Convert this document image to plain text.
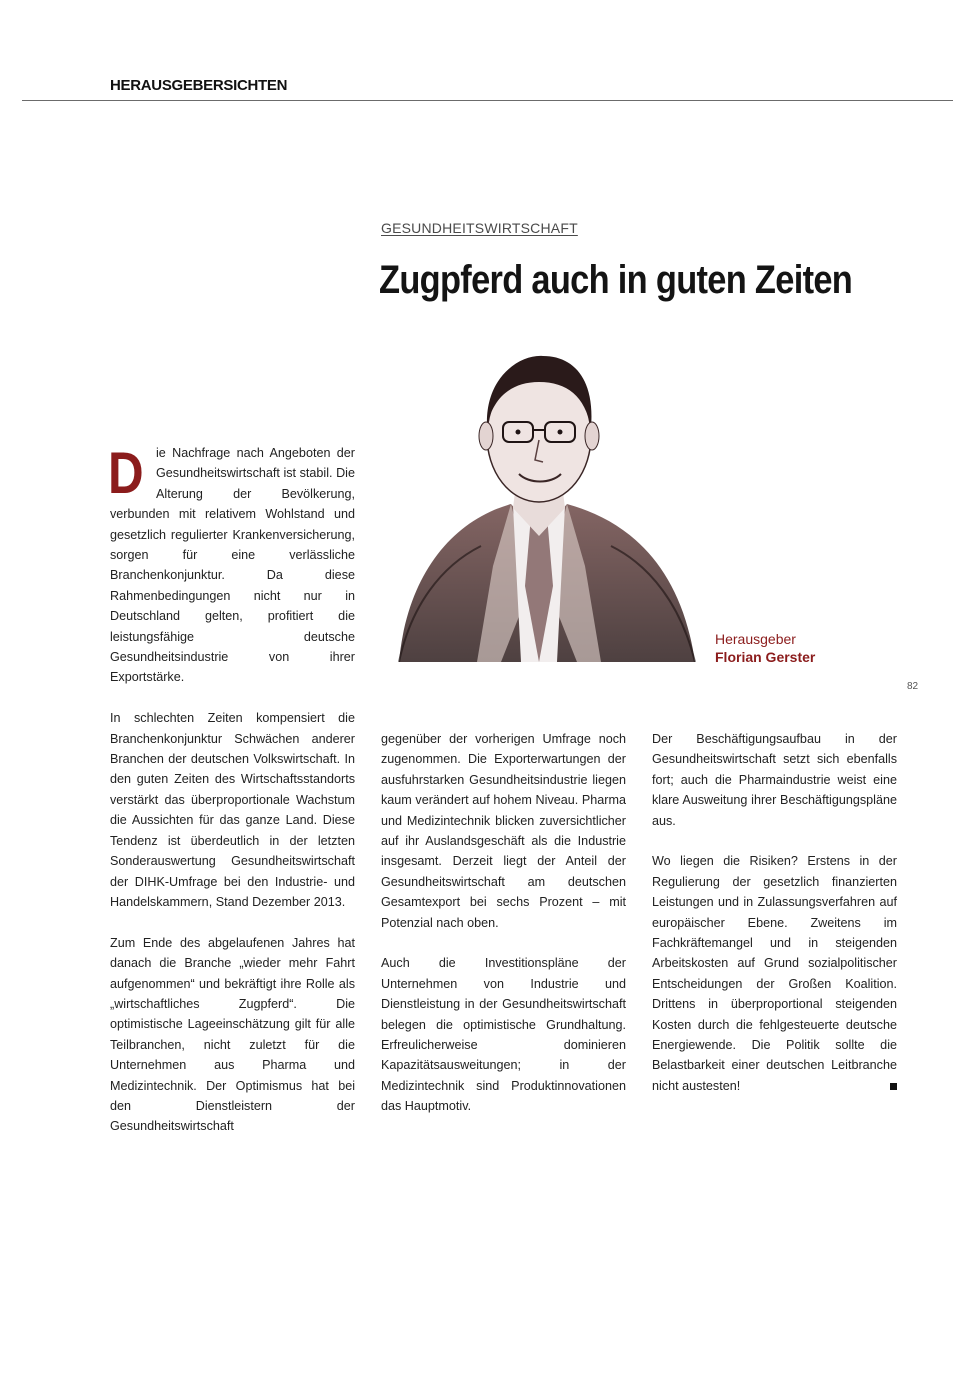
HERAUSGEBERSICHTEN
GESUNDHEITSWIRTSCHAFT
Zugpferd auch in guten Zeiten
Herausgeber
Florian Gerster
82

Die Nachfrage nach Angeboten der Gesundheitswirtschaft ist stabil. Die Alterung der Bevölkerung, verbunden mit relativem Wohlstand und gesetzlich regulierter Krankenversicherung, sorgen für eine verlässliche Branchenkonjunktur. Da diese Rahmenbedingungen nicht nur in Deutschland gelten, profitiert die leistungsfähige deutsche Gesundheitsindustrie von ihrer Exportstärke.

In schlechten Zeiten kompensiert die Branchenkonjunktur Schwächen anderer Branchen der deutschen Volkswirtschaft. In den guten Zeiten des Wirtschaftsstandorts verstärkt das überproportionale Wachstum die Aussichten für das ganze Land. Diese Tendenz ist überdeutlich in der letzten Sonderauswertung Gesundheitswirtschaft der DIHK-Umfrage bei den Industrie- und Handelskammern, Stand Dezember 2013.

Zum Ende des abgelaufenen Jahres hat danach die Branche „wieder mehr Fahrt aufgenommen“ und bekräftigt ihre Rolle als „wirtschaftliches Zugpferd“. Die optimistische Lageeinschätzung gilt für alle Teilbranchen, nicht zuletzt für die Unternehmen aus Pharma und Medizintechnik. Der Optimismus hat bei den Dienstleistern der Gesundheitswirtschaft

gegenüber der vorherigen Umfrage noch zugenommen. Die Exporterwartungen der ausfuhrstarken Gesundheitsindustrie liegen kaum verändert auf hohem Niveau. Pharma und Medizintechnik blicken zuversichtlicher auf ihr Auslandsgeschäft als die Industrie insgesamt. Derzeit liegt der Anteil der Gesundheitswirtschaft am deutschen Gesamtexport bei sechs Prozent – mit Potenzial nach oben.

Auch die Investitionspläne der Unternehmen von Industrie und Dienstleistung in der Gesundheitswirtschaft belegen die optimistische Grundhaltung. Erfreulicherweise dominieren Kapazitätsausweitungen; in der Medizintechnik sind Produktinnovationen das Hauptmotiv.

Der Beschäftigungsaufbau in der Gesundheitswirtschaft setzt sich ebenfalls fort; auch die Pharmaindustrie weist eine klare Ausweitung ihrer Beschäftigungspläne aus.

Wo liegen die Risiken? Erstens in der Regulierung der gesetzlich finanzierten Leistungen und in Zulassungsverfahren auf europäischer Ebene. Zweitens im Fachkräftemangel und in steigenden Arbeitskosten auf Grund sozialpolitischer Entscheidungen der Großen Koalition. Drittens in überproportional steigenden Kosten durch die fehlgesteuerte deutsche Energiewende. Die Politik sollte die Belastbarkeit einer deutschen Leitbranche nicht austesten!
